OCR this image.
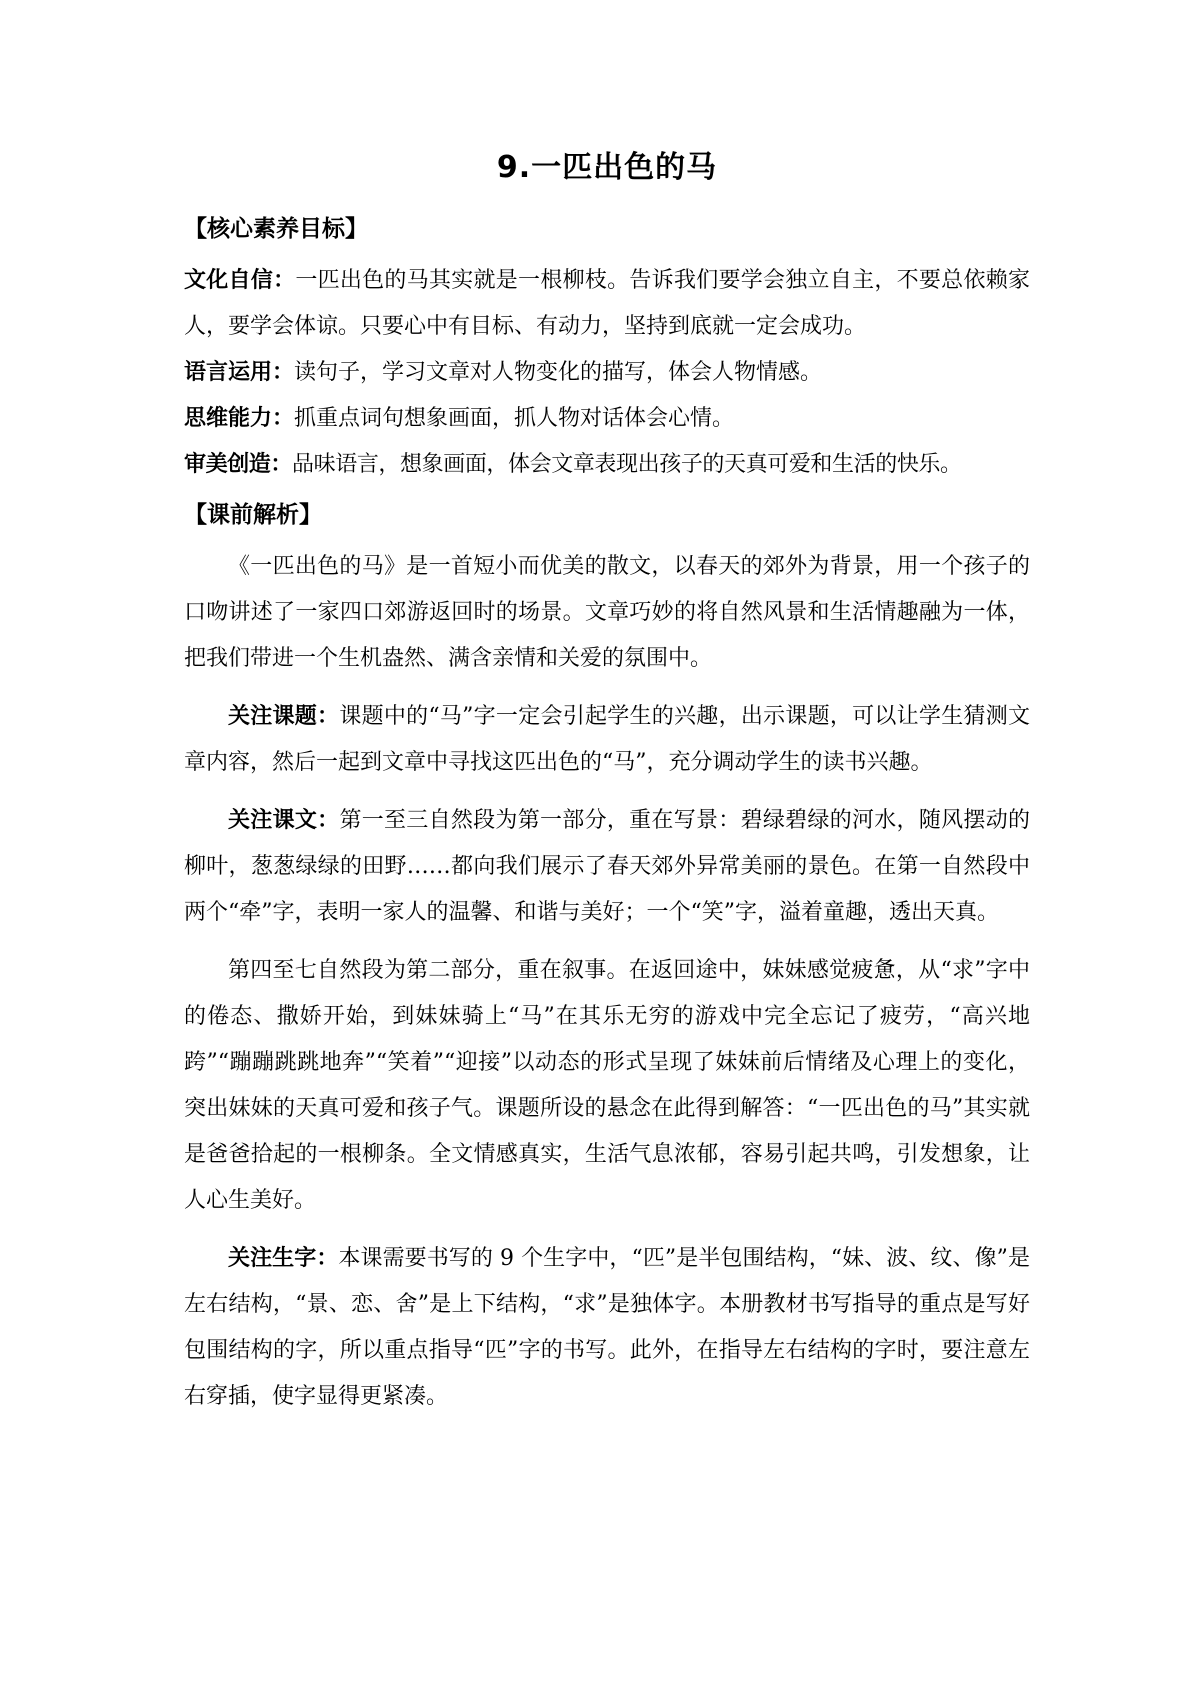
9.一匹出色的马
【核心素养目标】

文化自信：一匹出色的马其实就是一根柳枝。告诉我们要学会独立自主，不要总依赖家人，要学会体谅。只要心中有目标、有动力，坚持到底就一定会成功。

语言运用：读句子，学习文章对人物变化的描写，体会人物情感。

思维能力：抓重点词句想象画面，抓人物对话体会心情。

审美创造：品味语言，想象画面，体会文章表现出孩子的天真可爱和生活的快乐。

【课前解析】

《一匹出色的马》是一首短小而优美的散文，以春天的郊外为背景，用一个孩子的口吻讲述了一家四口郊游返回时的场景。文章巧妙的将自然风景和生活情趣融为一体，把我们带进一个生机盎然、满含亲情和关爱的氛围中。

关注课题：课题中的“马”字一定会引起学生的兴趣，出示课题，可以让学生猜测文章内容，然后一起到文章中寻找这匹出色的“马”，充分调动学生的读书兴趣。

关注课文：第一至三自然段为第一部分，重在写景：碧绿碧绿的河水，随风摆动的柳叶，葱葱绿绿的田野……都向我们展示了春天郊外异常美丽的景色。在第一自然段中两个“牵”字，表明一家人的温馨、和谐与美好；一个“笑”字，溢着童趣，透出天真。

第四至七自然段为第二部分，重在叙事。在返回途中，妹妹感觉疲惫，从“求”字中的倦态、撒娇开始，到妹妹骑上“马”在其乐无穷的游戏中完全忘记了疲劳，“高兴地跨”“蹦蹦跳跳地奔”“笑着”“迎接”以动态的形式呈现了妹妹前后情绪及心理上的变化，突出妹妹的天真可爱和孩子气。课题所设的悬念在此得到解答：“一匹出色的马”其实就是爸爸拾起的一根柳条。全文情感真实，生活气息浓郁，容易引起共鸣，引发想象，让人心生美好。

关注生字：本课需要书写的 9 个生字中，“匹”是半包围结构，“妹、波、纹、像”是左右结构，“景、恋、舍”是上下结构，“求”是独体字。本册教材书写指导的重点是写好包围结构的字，所以重点指导“匹”字的书写。此外，在指导左右结构的字时，要注意左右穿插，使字显得更紧凑。
